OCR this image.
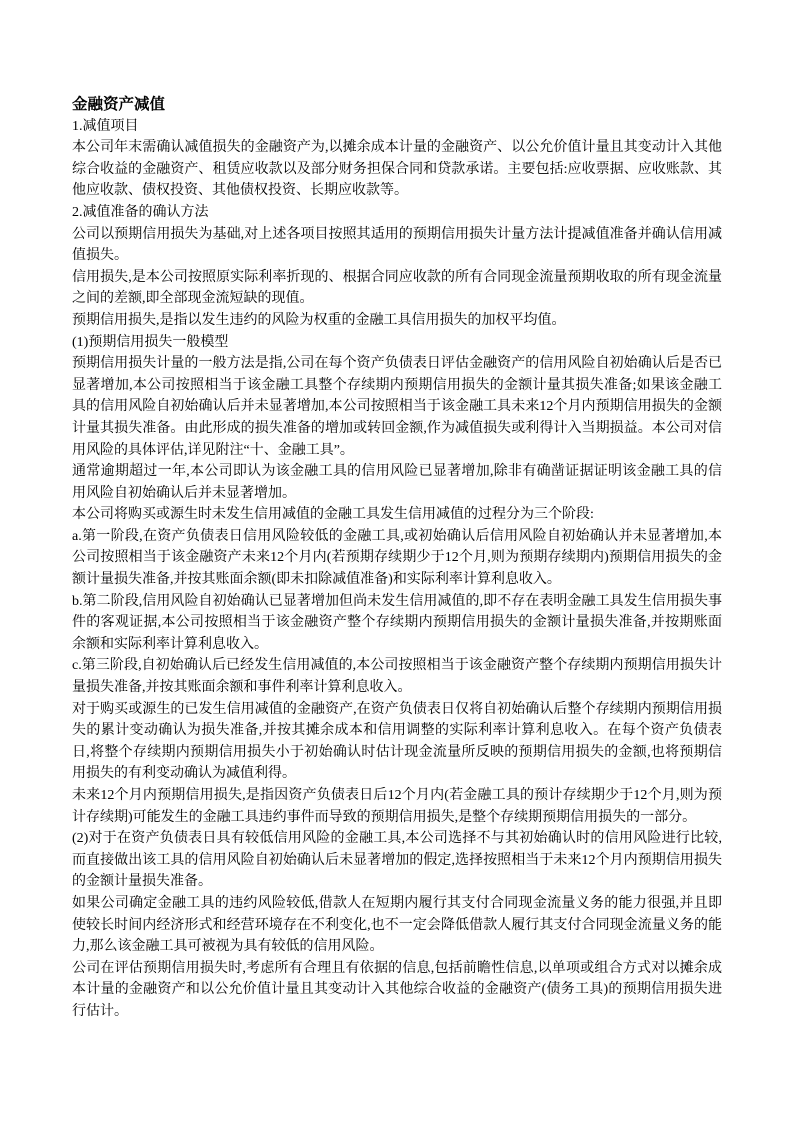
金融资产减值

1.减值项目

本公司年末需确认减值损失的金融资产为,以摊余成本计量的金融资产、以公允价值计量且其变动计入其他综合收益的金融资产、租赁应收款以及部分财务担保合同和贷款承诺。主要包括:应收票据、应收账款、其他应收款、债权投资、其他债权投资、长期应收款等。

2.减值准备的确认方法

公司以预期信用损失为基础,对上述各项目按照其适用的预期信用损失计量方法计提减值准备并确认信用减值损失。

信用损失,是本公司按照原实际利率折现的、根据合同应收款的所有合同现金流量预期收取的所有现金流量之间的差额,即全部现金流短缺的现值。

预期信用损失,是指以发生违约的风险为权重的金融工具信用损失的加权平均值。

(1)预期信用损失一般模型

预期信用损失计量的一般方法是指,公司在每个资产负债表日评估金融资产的信用风险自初始确认后是否已显著增加,本公司按照相当于该金融工具整个存续期内预期信用损失的金额计量其损失准备;如果该金融工具的信用风险自初始确认后并未显著增加,本公司按照相当于该金融工具未来12个月内预期信用损失的金额计量其损失准备。由此形成的损失准备的增加或转回金额,作为减值损失或利得计入当期损益。本公司对信用风险的具体评估,详见附注“十、金融工具”。

通常逾期超过一年,本公司即认为该金融工具的信用风险已显著增加,除非有确凿证据证明该金融工具的信用风险自初始确认后并未显著增加。

本公司将购买或源生时未发生信用减值的金融工具发生信用减值的过程分为三个阶段:

a.第一阶段,在资产负债表日信用风险较低的金融工具,或初始确认后信用风险自初始确认并未显著增加,本公司按照相当于该金融资产未来12个月内(若预期存续期少于12个月,则为预期存续期内)预期信用损失的金额计量损失准备,并按其账面余额(即未扣除减值准备)和实际利率计算利息收入。

b.第二阶段,信用风险自初始确认已显著增加但尚未发生信用减值的,即不存在表明金融工具发生信用损失事件的客观证据,本公司按照相当于该金融资产整个存续期内预期信用损失的金额计量损失准备,并按期账面余额和实际利率计算利息收入。

c.第三阶段,自初始确认后已经发生信用减值的,本公司按照相当于该金融资产整个存续期内预期信用损失计量损失准备,并按其账面余额和事件利率计算利息收入。

对于购买或源生的已发生信用减值的金融资产,在资产负债表日仅将自初始确认后整个存续期内预期信用损失的累计变动确认为损失准备,并按其摊余成本和信用调整的实际利率计算利息收入。在每个资产负债表日,将整个存续期内预期信用损失小于初始确认时估计现金流量所反映的预期信用损失的金额,也将预期信用损失的有利变动确认为减值利得。

未来12个月内预期信用损失,是指因资产负债表日后12个月内(若金融工具的预计存续期少于12个月,则为预计存续期)可能发生的金融工具违约事件而导致的预期信用损失,是整个存续期预期信用损失的一部分。

(2)对于在资产负债表日具有较低信用风险的金融工具,本公司选择不与其初始确认时的信用风险进行比较,而直接做出该工具的信用风险自初始确认后未显著增加的假定,选择按照相当于未来12个月内预期信用损失的金额计量损失准备。

如果公司确定金融工具的违约风险较低,借款人在短期内履行其支付合同现金流量义务的能力很强,并且即使较长时间内经济形式和经营环境存在不利变化,也不一定会降低借款人履行其支付合同现金流量义务的能力,那么该金融工具可被视为具有较低的信用风险。

公司在评估预期信用损失时,考虑所有合理且有依据的信息,包括前瞻性信息,以单项或组合方式对以摊余成本计量的金融资产和以公允价值计量且其变动计入其他综合收益的金融资产(债务工具)的预期信用损失进行估计。
